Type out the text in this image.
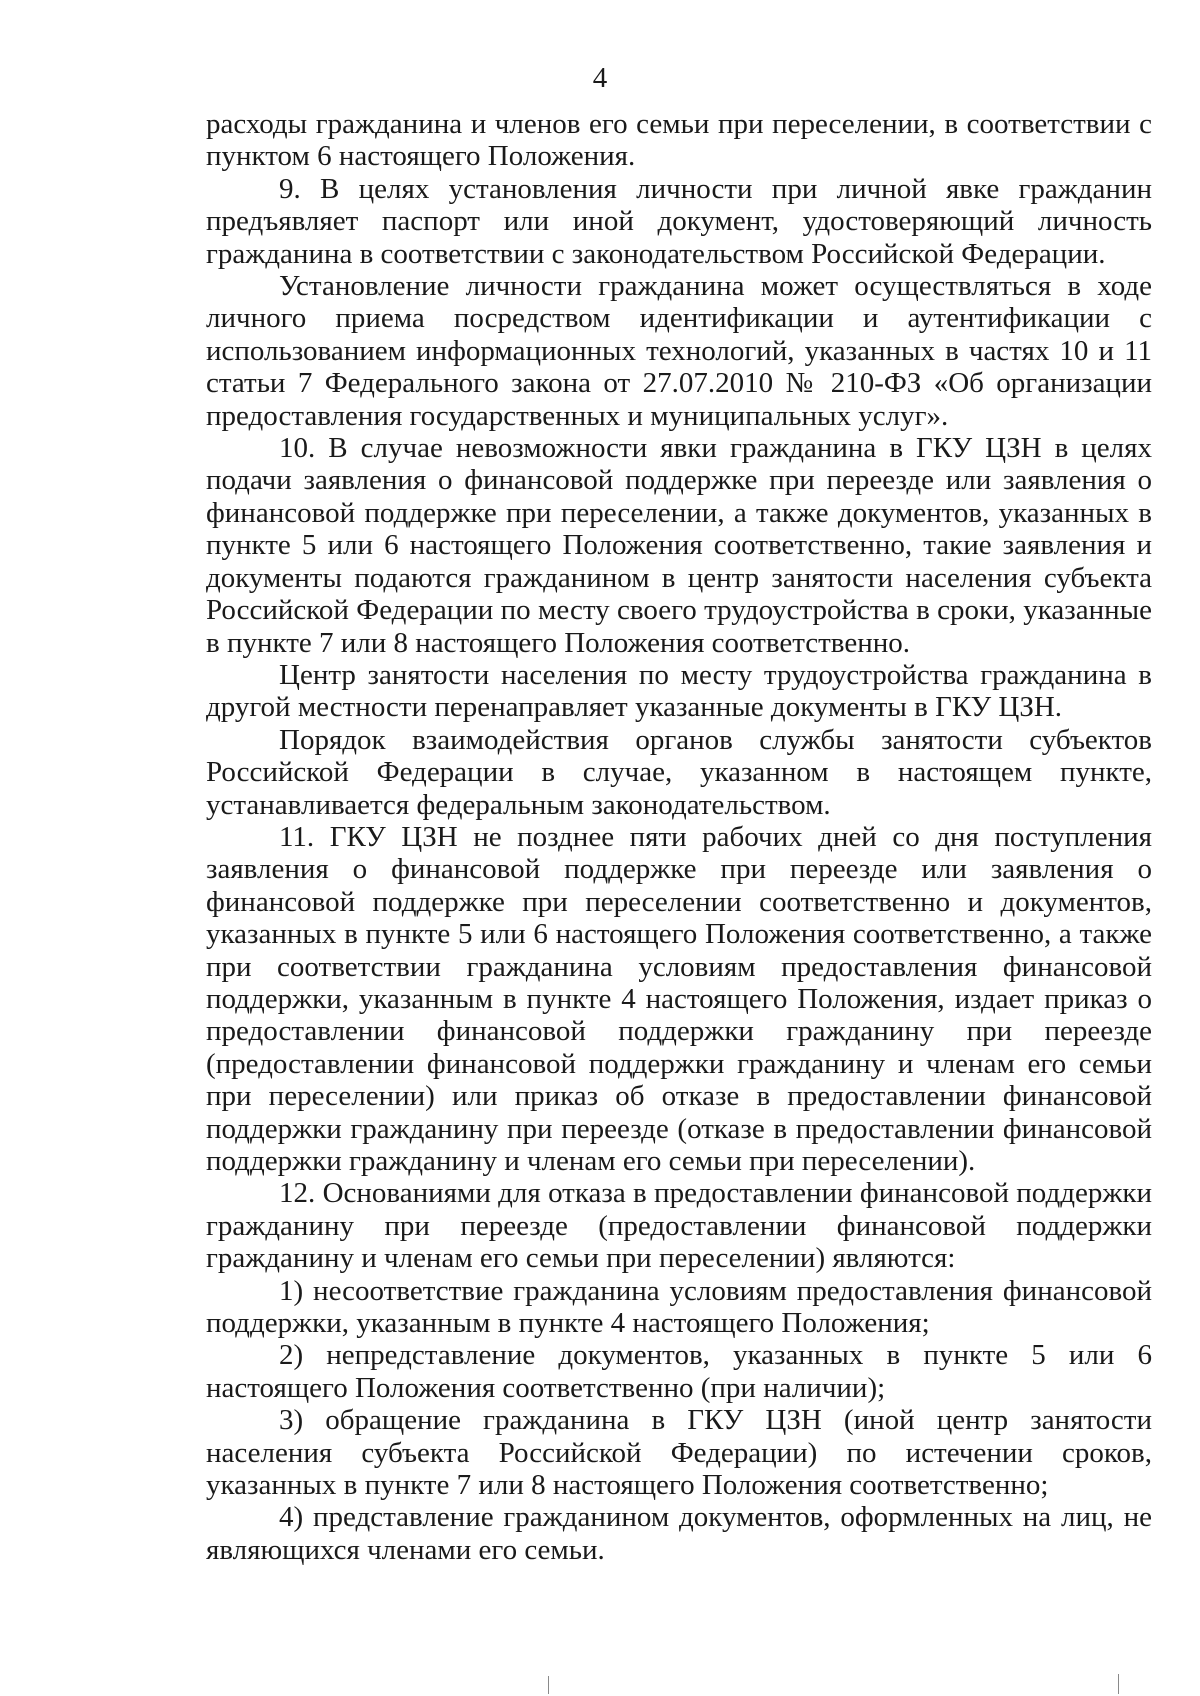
4

расходы гражданина и членов его семьи при переселении, в соответствии с пунктом 6 настоящего Положения.

9. В целях установления личности при личной явке гражданин предъявляет паспорт или иной документ, удостоверяющий личность гражданина в соответствии с законодательством Российской Федерации.

Установление личности гражданина может осуществляться в ходе личного приема посредством идентификации и аутентификации с использованием информационных технологий, указанных в частях 10 и 11 статьи 7 Федерального закона от 27.07.2010 № 210-ФЗ «Об организации предоставления государственных и муниципальных услуг».

10. В случае невозможности явки гражданина в ГКУ ЦЗН в целях подачи заявления о финансовой поддержке при переезде или заявления о финансовой поддержке при переселении, а также документов, указанных в пункте 5 или 6 настоящего Положения соответственно, такие заявления и документы подаются гражданином в центр занятости населения субъекта Российской Федерации по месту своего трудоустройства в сроки, указанные в пункте 7 или 8 настоящего Положения соответственно.

Центр занятости населения по месту трудоустройства гражданина в другой местности перенаправляет указанные документы в ГКУ ЦЗН.

Порядок взаимодействия органов службы занятости субъектов Российской Федерации в случае, указанном в настоящем пункте, устанавливается федеральным законодательством.

11. ГКУ ЦЗН не позднее пяти рабочих дней со дня поступления заявления о финансовой поддержке при переезде или заявления о финансовой поддержке при переселении соответственно и документов, указанных в пункте 5 или 6 настоящего Положения соответственно, а также при соответствии гражданина условиям предоставления финансовой поддержки, указанным в пункте 4 настоящего Положения, издает приказ о предоставлении финансовой поддержки гражданину при переезде (предоставлении финансовой поддержки гражданину и членам его семьи при переселении) или приказ об отказе в предоставлении финансовой поддержки гражданину при переезде (отказе в предоставлении финансовой поддержки гражданину и членам его семьи при переселении).

12. Основаниями для отказа в предоставлении финансовой поддержки гражданину при переезде (предоставлении финансовой поддержки гражданину и членам его семьи при переселении) являются:

1) несоответствие гражданина условиям предоставления финансовой поддержки, указанным в пункте 4 настоящего Положения;

2) непредставление документов, указанных в пункте 5 или 6 настоящего Положения соответственно (при наличии);

3) обращение гражданина в ГКУ ЦЗН (иной центр занятости населения субъекта Российской Федерации) по истечении сроков, указанных в пункте 7 или 8 настоящего Положения соответственно;

4) представление гражданином документов, оформленных на лиц, не являющихся членами его семьи.
